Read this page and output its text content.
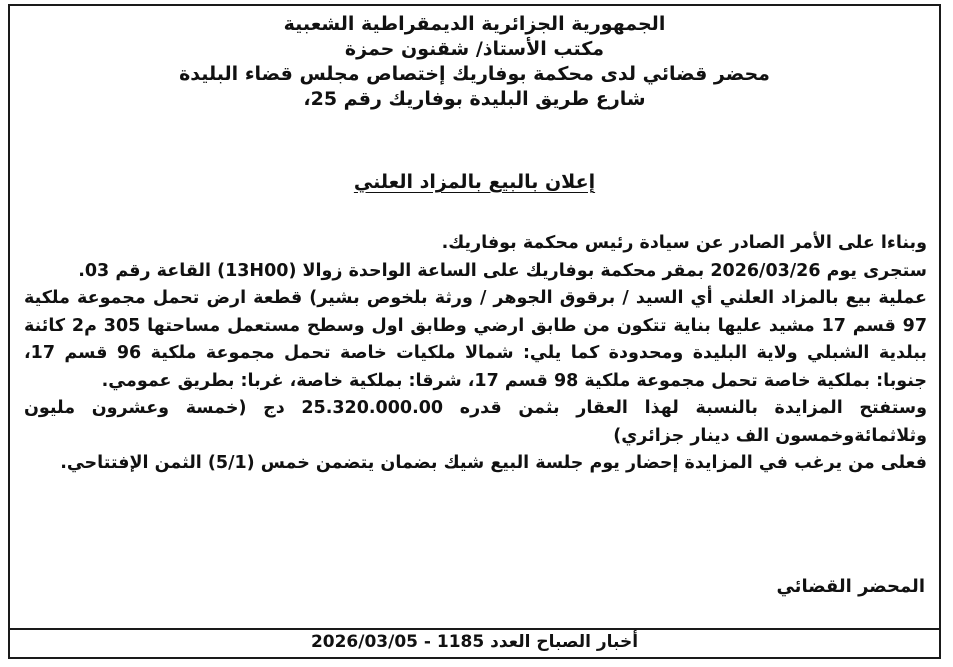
الجمهورية الجزائرية الديمقراطية الشعبية
مكتب الأستاذ/ شقنون حمزة
محضر قضائي لدى محكمة بوفاريك إختصاص مجلس قضاء البليدة
شارع طريق البليدة بوفاريك رقم 25،
إعلان بالبيع بالمزاد العلني

وبناءا على الأمر الصادر عن سيادة رئيس محكمة بوفاريك.

ستجرى يوم 2026/03/26 بمقر محكمة بوفاريك على الساعة الواحدة زوالا (13H00) القاعة رقم 03.

عملية بيع بالمزاد العلني أي السيد / برقوق الجوهر / ورثة بلخوص بشير) قطعة ارض تحمل مجموعة ملكية 97 قسم 17 مشيد عليها بناية تتكون من طابق ارضي وطابق اول وسطح مستعمل مساحتها 305 م2 كائنة ببلدية الشبلي ولاية البليدة ومحدودة كما يلي: شمالا ملكيات خاصة تحمل مجموعة ملكية 96 قسم 17، جنوبا: بملكية خاصة تحمل مجموعة ملكية 98 قسم 17، شرقا: بملكية خاصة، غربا: بطريق عمومي.

وستفتح المزايدة بالنسبة لهذا العقار بثمن قدره 25.320.000.00 دج (خمسة وعشرون مليون وثلاثمائةوخمسون الف دينار جزائري)

فعلى من يرغب في المزايدة إحضار يوم جلسة البيع شيك بضمان يتضمن خمس (5/1) الثمن الإفتتاحي.

المحضر القضائي
أخبار الصباح العدد 1185 - 2026/03/05
